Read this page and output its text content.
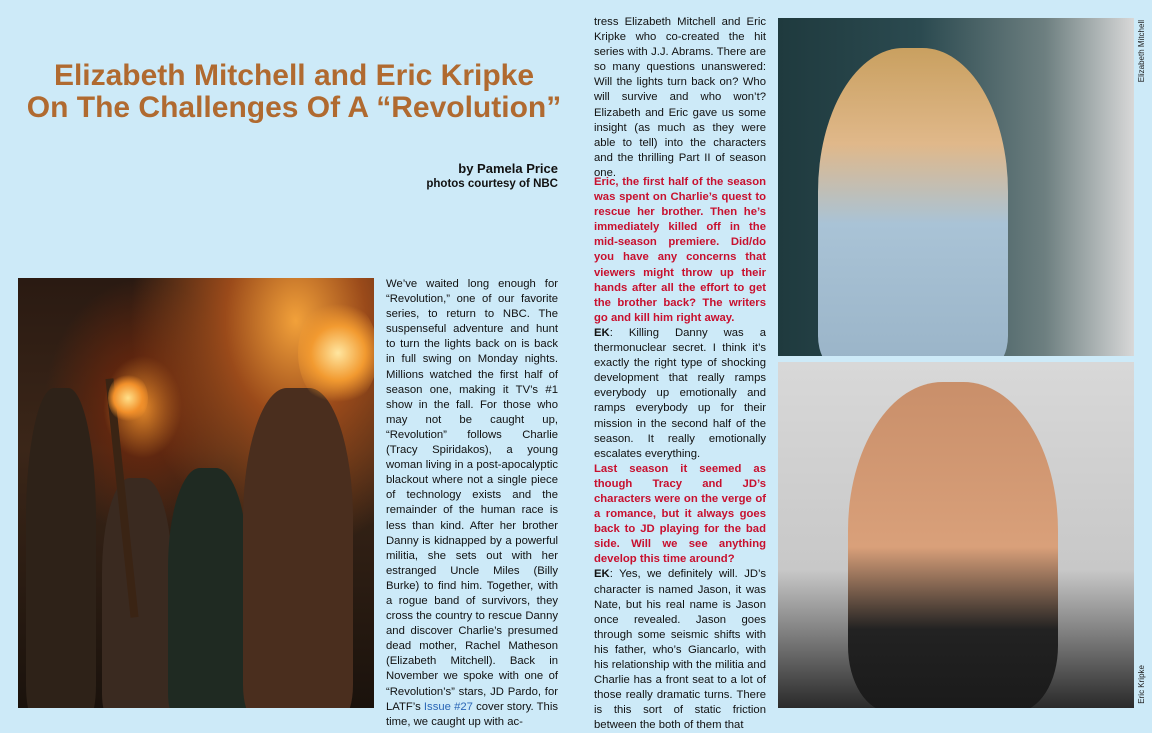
Elizabeth Mitchell and Eric Kripke
On The Challenges Of A “Revolution”
by Pamela Price
photos courtesy of NBC

We’ve waited long enough for “Revolution,” one of our favorite series, to return to NBC. The suspenseful adventure and hunt to turn the lights back on is back in full swing on Monday nights. Millions watched the first half of season one, making it TV’s #1 show in the fall. For those who may not be caught up, “Revolution” follows Charlie (Tracy Spiridakos), a young woman living in a post-apocalyptic blackout where not a single piece of technology exists and the remainder of the human race is less than kind. After her brother Danny is kidnapped by a powerful militia, she sets out with her estranged Uncle Miles (Billy Burke) to find him. Together, with a rogue band of survivors, they cross the country to rescue Danny and discover Charlie’s presumed dead mother, Rachel Matheson (Elizabeth Mitchell). Back in November we spoke with one of “Revolution’s” stars, JD Pardo, for LATF’s Issue #27 cover story. This time, we caught up with ac-

tress Elizabeth Mitchell and Eric Kripke who co-created the hit series with J.J. Abrams. There are so many questions unanswered: Will the lights turn back on? Who will survive and who won’t? Elizabeth and Eric gave us some insight (as much as they were able to tell) into the characters and the thrilling Part II of season one.

Eric, the first half of the season was spent on Charlie’s quest to rescue her brother. Then he’s immediately killed off in the mid-season premiere. Did/do you have any concerns that viewers might throw up their hands after all the effort to get the brother back? The writers go and kill him right away.

EK: Killing Danny was a thermonuclear secret. I think it’s exactly the right type of shocking development that really ramps everybody up emotionally and ramps everybody up for their mission in the second half of the season. It really emotionally escalates everything.

Last season it seemed as though Tracy and JD’s characters were on the verge of a romance, but it always goes back to JD playing for the bad side. Will we see anything develop this time around?

EK: Yes, we definitely will. JD’s character is named Jason, it was Nate, but his real name is Jason once revealed. Jason goes through some seismic shifts with his father, who’s Giancarlo, with his relationship with the militia and Charlie has a front seat to a lot of those really dramatic turns. There is this sort of static friction between the both of them that

Elizabeth Mitchell
Eric Kripke
